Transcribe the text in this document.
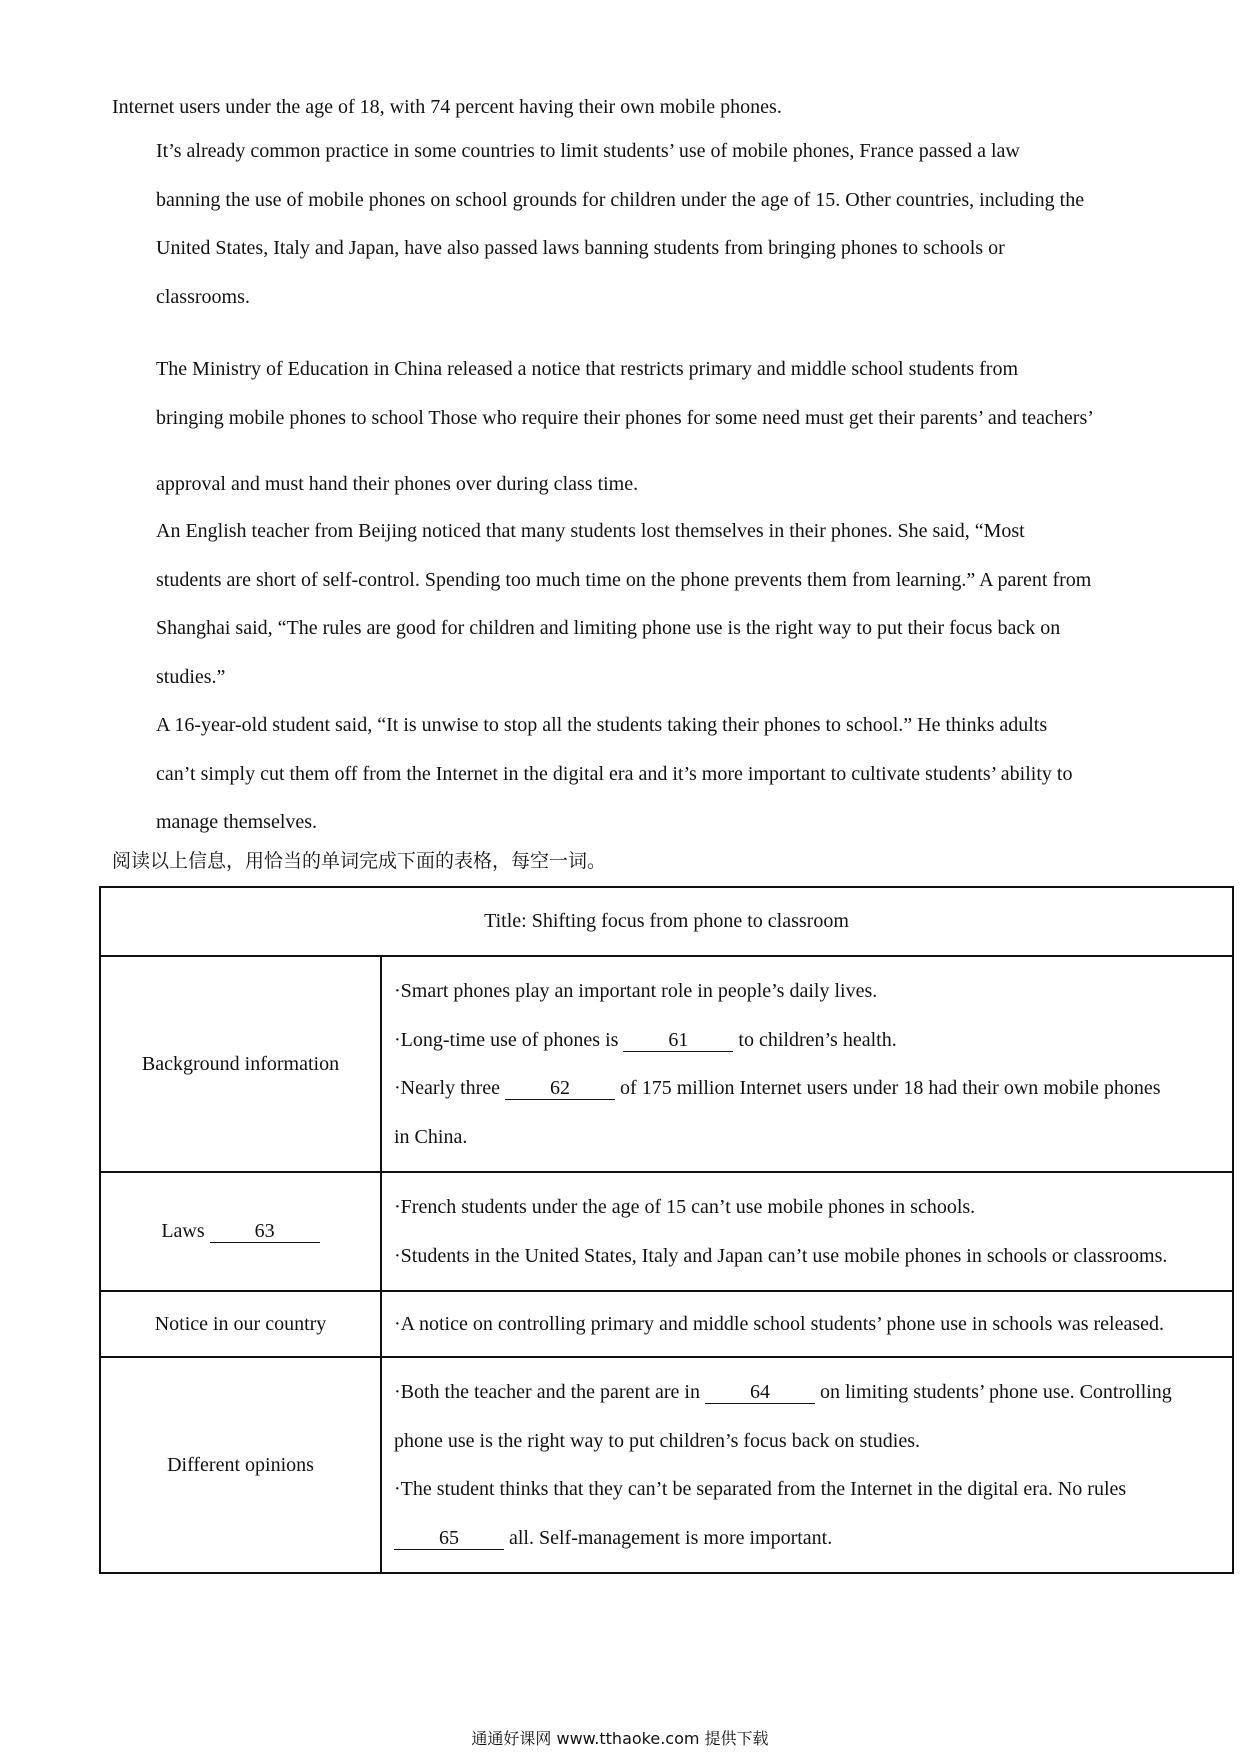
Internet users under the age of 18, with 74 percent having their own mobile phones.
It’s already common practice in some countries to limit students’ use of mobile phones, France passed a law
banning the use of mobile phones on school grounds for children under the age of 15. Other countries, including the
United States, Italy and Japan, have also passed laws banning students from bringing phones to schools or
classrooms.
The Ministry of Education in China released a notice that restricts primary and middle school students from
bringing mobile phones to school Those who require their phones for some need must get their parents’ and teachers’
approval and must hand their phones over during class time.
An English teacher from Beijing noticed that many students lost themselves in their phones. She said, “Most
students are short of self-control. Spending too much time on the phone prevents them from learning.” A parent from
Shanghai said, “The rules are good for children and limiting phone use is the right way to put their focus back on
studies.”
A 16-year-old student said, “It is unwise to stop all the students taking their phones to school.” He thinks adults
can’t simply cut them off from the Internet in the digital era and it’s more important to cultivate students’ ability to
manage themselves.

阅读以上信息，用恰当的单词完成下面的表格，每空一词。

Title: Shifting focus from phone to classroom	
Background information	·Smart phones play an important role in people’s daily lives.
·Long-time use of phones is 61 to children’s health.
·Nearly three 62 of 175 million Internet users under 18 had their own mobile phones
in China.

Laws 63	·French students under the age of 15 can’t use mobile phones in schools.
·Students in the United States, Italy and Japan can’t use mobile phones in schools or classrooms.

Notice in our country	·A notice on controlling primary and middle school students’ phone use in schools was released.

Different opinions	·Both the teacher and the parent are in 64 on limiting students’ phone use. Controlling
phone use is the right way to put children’s focus back on studies.
·The student thinks that they can’t be separated from the Internet in the digital era. No rules
65 all. Self-management is more important.
通通好课网 www.tthaoke.com 提供下载
